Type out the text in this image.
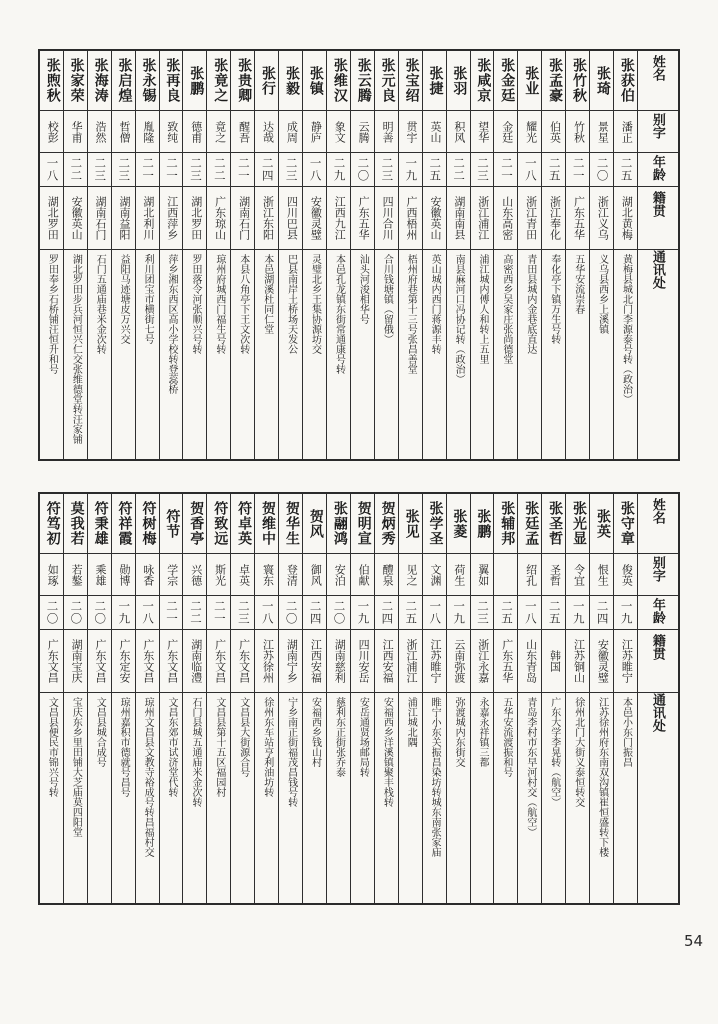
姓名
别字
年龄
籍贯
通讯处
张获伯
潘正
二五
湖北黄梅
黄梅县城北门李源泰号转（政治）
张琦
景星
二〇
浙江义乌
义乌县西乡上溪镇
张竹秋
竹秋
二一
广东五华
五华安流崇春
张孟豪
伯英
二五
浙江奉化
奉化亭下镇万生号转
张业
耀光
一八
浙江青田
青田县城内金巷底直达
张金廷
金廷
二一
山东高密
高密西乡吴家庄张尚德堂
张咸京
望华
二三
浙江浦江
浦江城内傅人和转上五里
张羽
积风
二二
湖南南县
南县麻河口冯协记转（政治）
张捷
英山
二五
安徽英山
英山城内西门蒋源丰转
张宝绍
贯宇
一九
广西梧州
梧州府巷第十三号张昌善堂
张元良
明善
二三
四川合川
合川钱塘镇（留俄）
张云腾
云腾
二〇
广东五华
汕头河浚相华号
张维汉
象文
二九
江西九江
本邑孔龙镇东街常通康号转
张镇
静庐
一八
安徽灵璧
灵璧北乡王集协源坊交
张毅
成周
二三
四川巴县
巴县南岸土桥场天发公
张行
达哉
二四
浙江东阳
本邑湖溪杜同仁堂
张贵卿
醒吾
二一
湖南石门
本县八角亭下王文次转
张竟之
竟之
二二
广东琼山
琼州府城西门福生号转
张鹏
德甫
二三
湖北罗田
罗田落令河张顺兴号转
张再良
致纯
二一
江西萍乡
萍乡湘东西区高小学校转登蕊桥
张永锡
胤隆
二一
湖北利川
利川团宝市横街七号
张启煌
哲僧
二三
湖南益阳
益阳马迹塘皮万兴交
张海涛
浩然
二三
湖南石门
石门五通庙巷米金次转
张家荣
华甫
二二
安徽英山
湖北罗田步兵河恒兴仁交张维德堂转汪家铺
张煦秋
校彭
一八
湖北罗田
罗田奉乡石桥铺汪恒升和号
姓名
别字
年龄
籍贯
通讯处
张守章
俊英
一九
江苏睢宁
本邑小东门振昌
张英
恨生
二四
安徽灵璧
江苏徐州府东南双沟镇崔恒盛转下楼
张光显
令宜
一九
江苏铜山
徐州北门大街义泰恒转交
张圣哲
圣哲
二五
韩国
广东大学李晃转（航空）
张廷孟
绍孔
一八
山东青岛
青岛李村市东早河村交（航空）
张辅邦
二五
广东五华
五华安流渡振和号
张鹏
翼如
二三
浙江永嘉
永嘉永祥镇三都
张菱
荷生
一九
云南弥渡
弥渡城内东街交
张学圣
文渊
一八
江苏睢宁
睢宁小东关振昌染坊转城东南张家庙
张见
见之
二五
浙江浦江
浦江城北隅
贺炳秀
醴泉
二四
江西安福
安福西乡洋溪镇聚丰栈转
贺明宣
伯献
一九
四川安岳
安岳通贤场邮局转
张翮鸿
安泊
二〇
湖南慈利
慈利东正街张乔泰
贺风
御风
二四
江西安福
安福西乡钱山村
贺华生
登清
二〇
湖南宁乡
宁乡南正街福茂昌钱号转
贺维中
寰东
一八
江苏徐州
徐州东车站亨利油坊转
符卓英
卓英
二三
广东文昌
文昌县大街源合号
符致远
斯光
二一
广东文昌
文昌县第十五区福园村
贺香亭
兴德
二二
湖南临澧
石门县城五通庙米金次转
符节
学宗
二一
广东文昌
文昌东郊市试济堂代转
符树梅
咏香
一八
广东文昌
琼州文昌县文教寺裕成号转昌福村交
符祥霞
勋博
一九
广东定安
琼州嘉积市德就号昌号
符秉雄
乘雄
二〇
广东文昌
文昌县城合成号
莫我若
若鏊
二〇
湖南宝庆
宝庆东乡里田铺大芝庙莫四阳堂
符笃初
如琢
二〇
广东文昌
文昌县便民市锦兴号转
54
